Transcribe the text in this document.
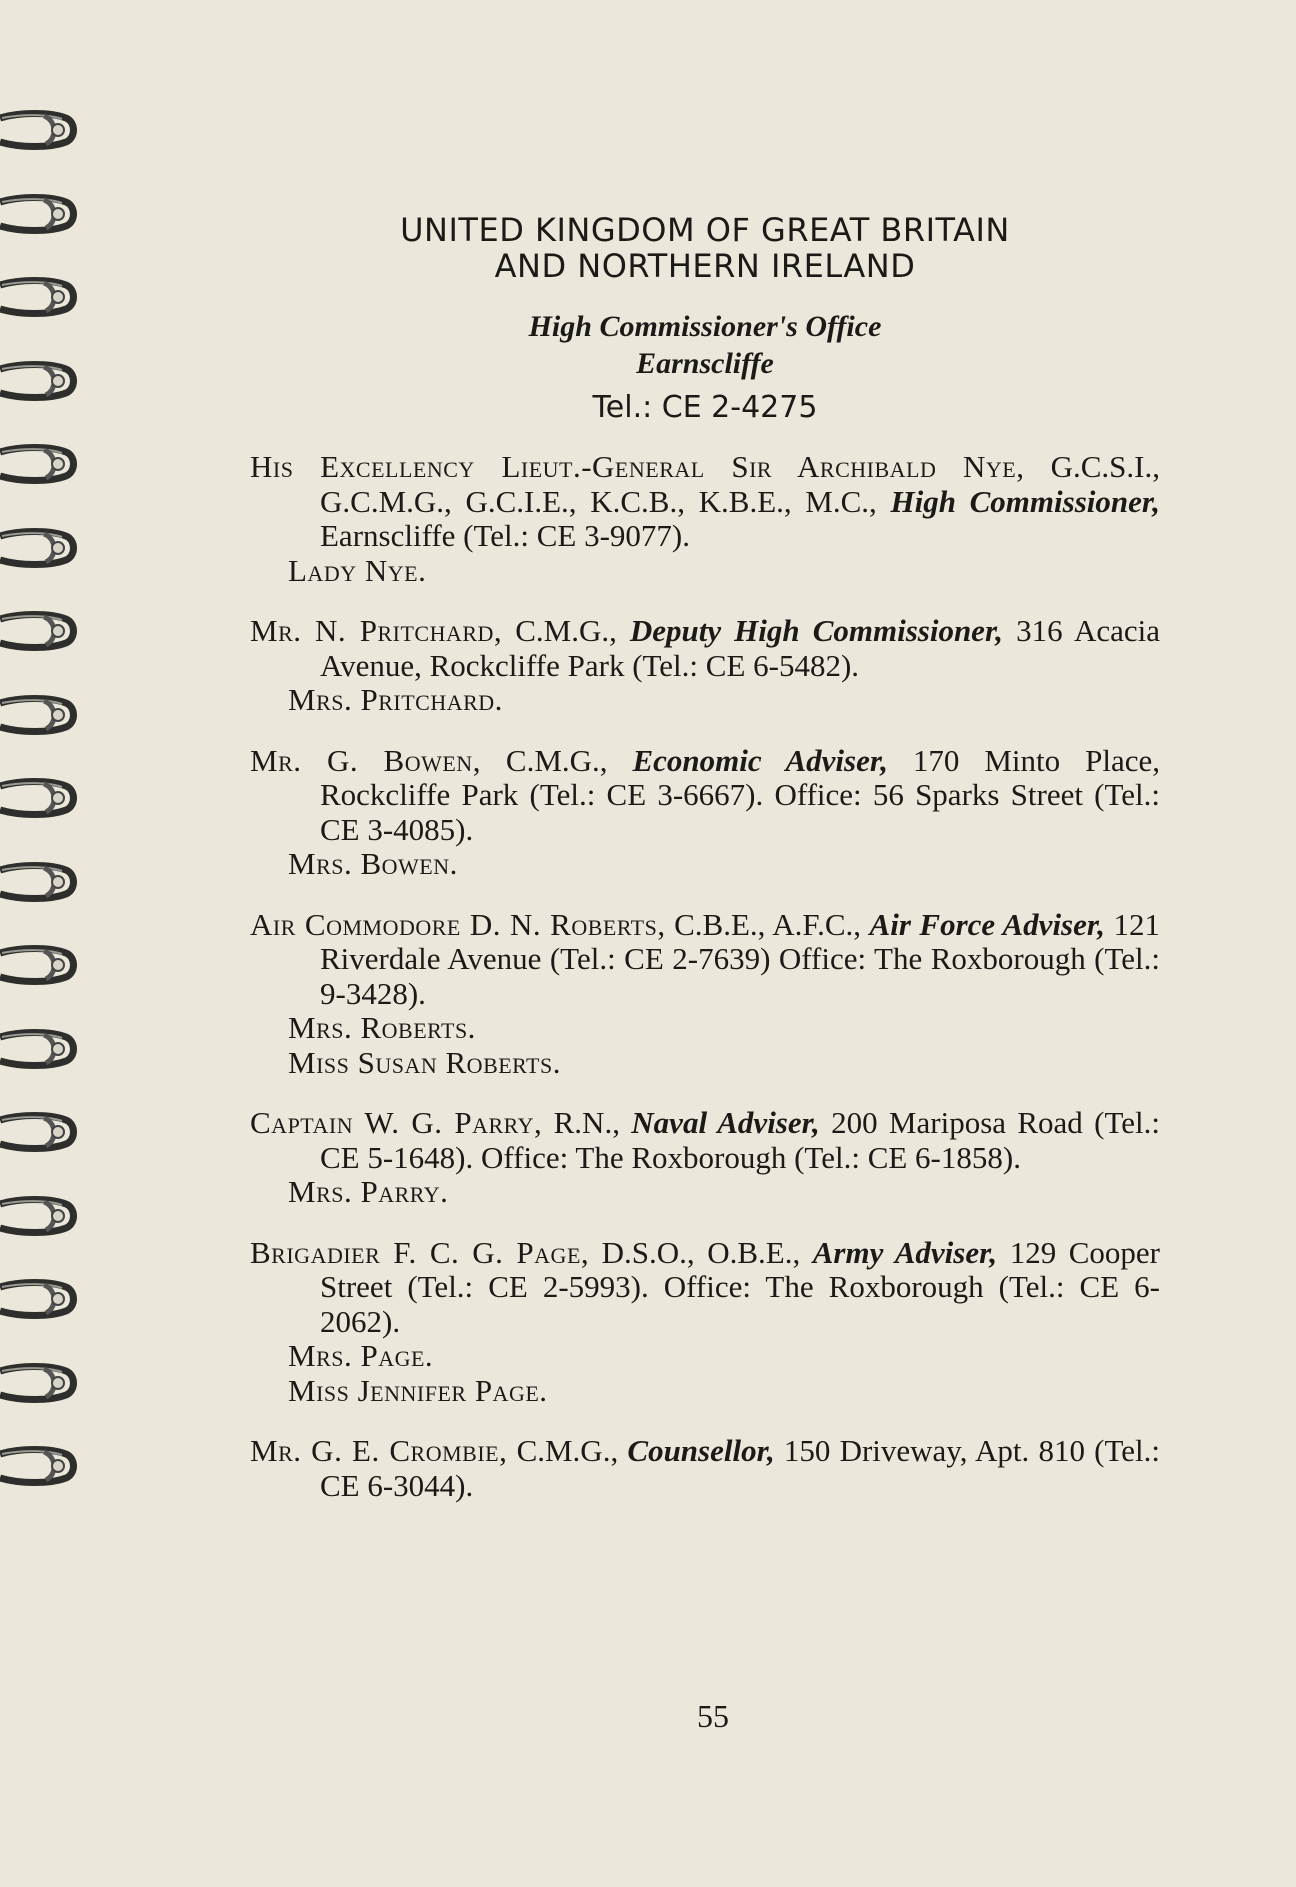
UNITED KINGDOM OF GREAT BRITAIN
AND NORTHERN IRELAND
High Commissioner's Office
Earnscliffe
Tel.: CE 2-4275

His Excellency Lieut.-General Sir Archibald Nye, G.C.S.I., G.C.M.G., G.C.I.E., K.C.B., K.B.E., M.C., High Commissioner, Earnscliffe (Tel.: CE 3-9077).

Lady Nye.

Mr. N. Pritchard, C.M.G., Deputy High Commissioner, 316 Acacia Avenue, Rockcliffe Park (Tel.: CE 6-5482).

Mrs. Pritchard.

Mr. G. Bowen, C.M.G., Economic Adviser, 170 Minto Place, Rockcliffe Park (Tel.: CE 3-6667). Office: 56 Sparks Street (Tel.: CE 3-4085).

Mrs. Bowen.

Air Commodore D. N. Roberts, C.B.E., A.F.C., Air Force Adviser, 121 Riverdale Avenue (Tel.: CE 2-7639) Office: The Roxborough (Tel.: 9-3428).

Mrs. Roberts.

Miss Susan Roberts.

Captain W. G. Parry, R.N., Naval Adviser, 200 Mariposa Road (Tel.: CE 5-1648). Office: The Roxborough (Tel.: CE 6-1858).

Mrs. Parry.

Brigadier F. C. G. Page, D.S.O., O.B.E., Army Adviser, 129 Cooper Street (Tel.: CE 2-5993). Office: The Roxborough (Tel.: CE 6-2062).

Mrs. Page.

Miss Jennifer Page.

Mr. G. E. Crombie, C.M.G., Counsellor, 150 Driveway, Apt. 810 (Tel.: CE 6-3044).

55
